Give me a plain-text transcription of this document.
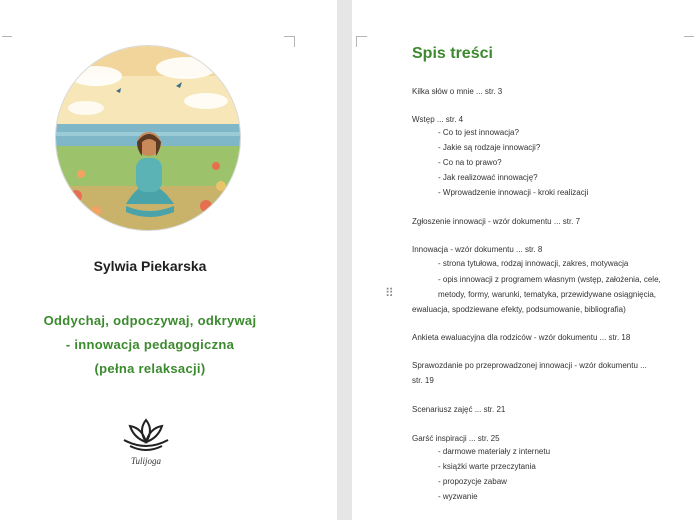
Sylwia Piekarska
Oddychaj, odpoczywaj, odkrywaj
- innowacja pedagogiczna
(pełna relaksacji)
Tulijoga
⠿
Spis treści
Kilka słów o mnie ... str. 3
Wstęp ... str. 4
- Co to jest innowacja?
- Jakie są rodzaje innowacji?
- Co na to prawo?
- Jak realizować innowację?
- Wprowadzenie innowacji - kroki realizacji
Zgłoszenie innowacji - wzór dokumentu ... str. 7
Innowacja - wzór dokumentu ... str. 8
- strona tytułowa, rodzaj innowacji, zakres, motywacja
- opis innowacji z programem własnym (wstęp, założenia, cele,
metody, formy, warunki, tematyka, przewidywane osiągnięcia,
ewaluacja, spodziewane efekty, podsumowanie, bibliografia)
Ankieta ewaluacyjna dla rodziców - wzór dokumentu ... str. 18
Sprawozdanie po przeprowadzonej innowacji - wzór dokumentu ...
str. 19
Scenariusz zajęć ... str. 21
Garść inspiracji ... str. 25
- darmowe materiały z internetu
- książki warte przeczytania
- propozycje zabaw
- wyzwanie
